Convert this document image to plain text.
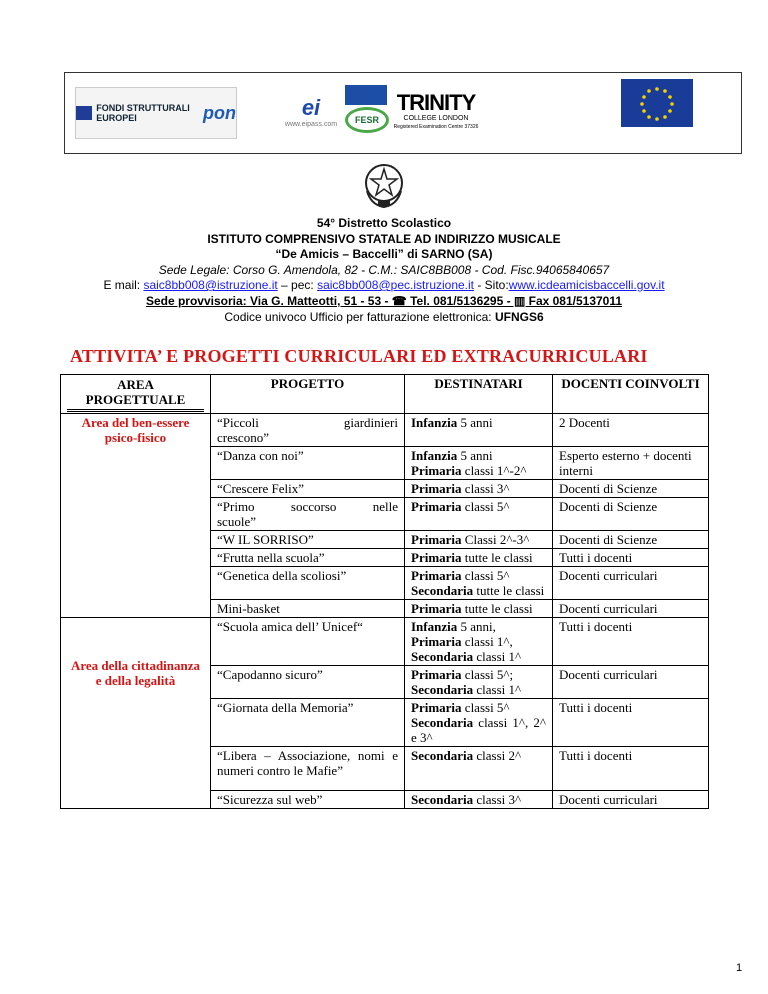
FONDI STRUTTURALI EUROPEI	pon	ei
www.eipass.com FESR
TRINITY
COLLEGE LONDON
Registered Examination Centre 37326
54° Distretto Scolastico
ISTITUTO COMPRENSIVO STATALE AD INDIRIZZO MUSICALE
“De Amicis – Baccelli” di SARNO (SA)
Sede Legale: Corso G. Amendola, 82 - C.M.: SAIC8BB008 - Cod. Fisc.94065840657
E mail: saic8bb008@istruzione.it – pec: saic8bb008@pec.istruzione.it - Sito:www.icdeamicisbaccelli.gov.it
Sede provvisoria: Via G. Matteotti, 51 - 53 - ☎ Tel. 081/5136295 - ▥ Fax 081/5137011
Codice univoco Ufficio per fatturazione elettronica: UFNGS6
ATTIVITA’ E PROGETTI CURRICULARI ED EXTRACURRICULARI
AREA PROGETTUALE	PROGETTO	DESTINATARI	DOCENTI COINVOLTI
Area del ben-essere psico-fisico	“Piccoli giardinieri
crescono”	Infanzia 5 anni	2 Docenti
	“Danza con noi”	Infanzia 5 anni
Primaria classi 1^-2^	Esperto esterno + docenti interni
	“Crescere Felix”	Primaria classi 3^	Docenti di Scienze

	“Primo soccorso nelle
scuole”	Primaria classi 5^	Docenti di Scienze
	“W IL SORRISO”	Primaria Classi 2^-3^	Docenti di Scienze
	“Frutta nella scuola”	Primaria tutte le classi	Tutti i docenti
	“Genetica della scoliosi”	Primaria classi 5^
Secondaria tutte le classi	Docenti curriculari
	Mini-basket	Primaria tutte le classi	Docenti curriculari
Area della cittadinanza e della legalità	“Scuola amica dell’ Unicef“	Infanzia 5 anni,
Primaria classi 1^,
Secondaria classi 1^	Tutti i docenti
	“Capodanno sicuro”	Primaria classi 5^;
Secondaria classi 1^	Docenti curriculari
	“Giornata della Memoria”	Primaria classi 5^
Secondaria classi 1^, 2^ e 3^	Tutti i docenti
	“Libera – Associazione, nomi e numeri contro le Mafie”	Secondaria classi 2^	Tutti i docenti
	“Sicurezza sul web”	Secondaria classi 3^	Docenti curriculari
1
